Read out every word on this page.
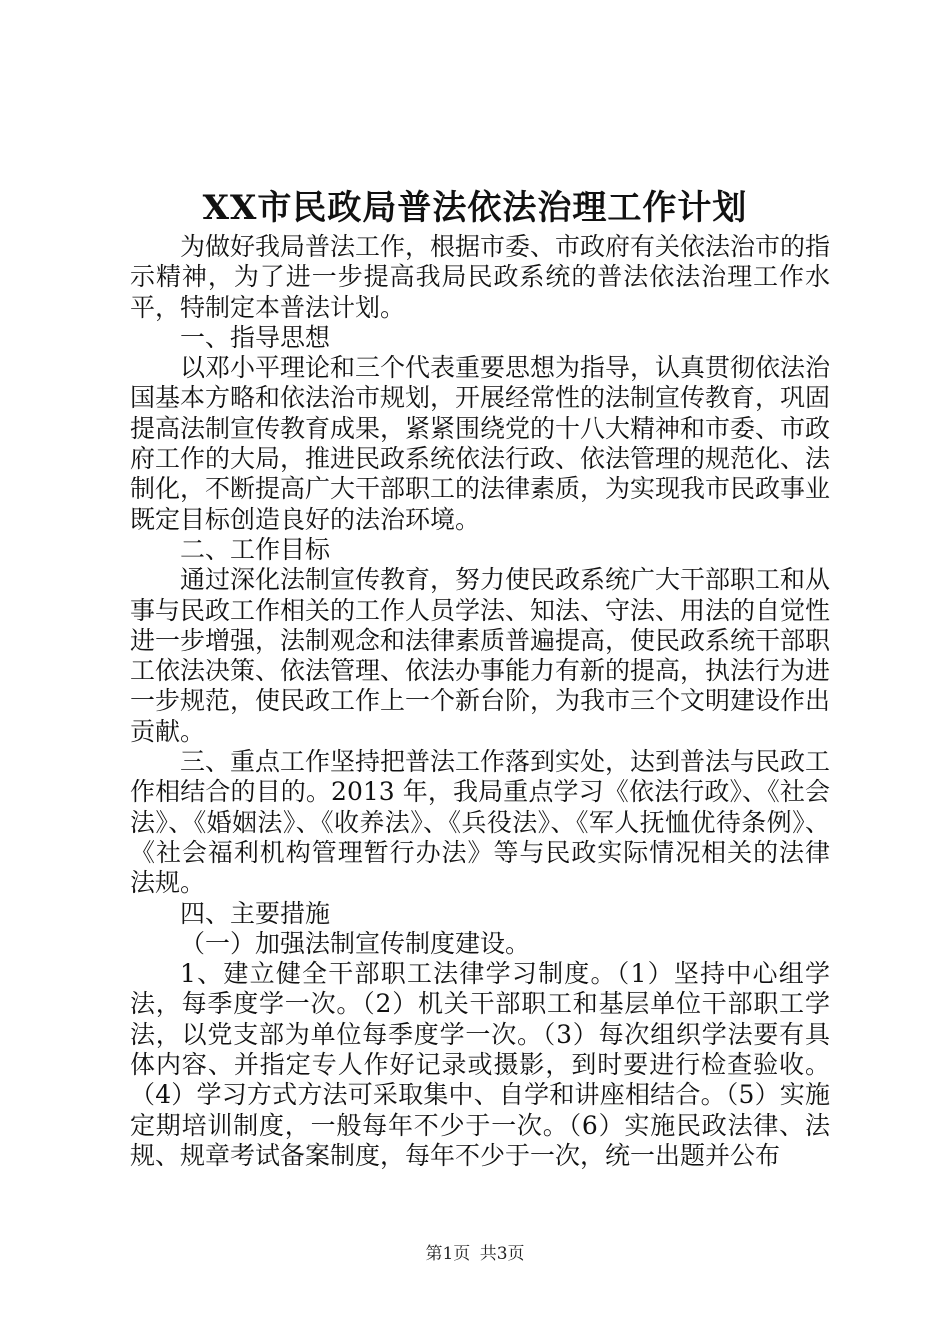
XX市民政局普法依法治理工作计划

为做好我局普法工作，根据市委、市政府有关依法治市的指示精神，为了进一步提高我局民政系统的普法依法治理工作水平，特制定本普法计划。

一、指导思想

以邓小平理论和三个代表重要思想为指导，认真贯彻依法治国基本方略和依法治市规划，开展经常性的法制宣传教育，巩固提高法制宣传教育成果，紧紧围绕党的十八大精神和市委、市政府工作的大局，推进民政系统依法行政、依法管理的规范化、法制化，不断提高广大干部职工的法律素质，为实现我市民政事业既定目标创造良好的法治环境。

二、工作目标

通过深化法制宣传教育，努力使民政系统广大干部职工和从事与民政工作相关的工作人员学法、知法、守法、用法的自觉性进一步增强，法制观念和法律素质普遍提高，使民政系统干部职工依法决策、依法管理、依法办事能力有新的提高，执法行为进一步规范，使民政工作上一个新台阶，为我市三个文明建设作出贡献。

三、重点工作坚持把普法工作落到实处，达到普法与民政工作相结合的目的。2013 年，我局重点学习《依法行政》、《社会法》、《婚姻法》、《收养法》、《兵役法》、《军人抚恤优待条例》、《社会福利机构管理暂行办法》等与民政实际情况相关的法律法规。

四、主要措施

（一）加强法制宣传制度建设。

1、建立健全干部职工法律学习制度。（1）坚持中心组学法，每季度学一次。（2）机关干部职工和基层单位干部职工学法，以党支部为单位每季度学一次。（3）每次组织学法要有具体内容、并指定专人作好记录或摄影，到时要进行检查验收。（4）学习方式方法可采取集中、自学和讲座相结合。（5）实施定期培训制度，一般每年不少于一次。（6）实施民政法律、法规、规章考试备案制度，每年不少于一次，统一出题并公布

第1页 共3页
